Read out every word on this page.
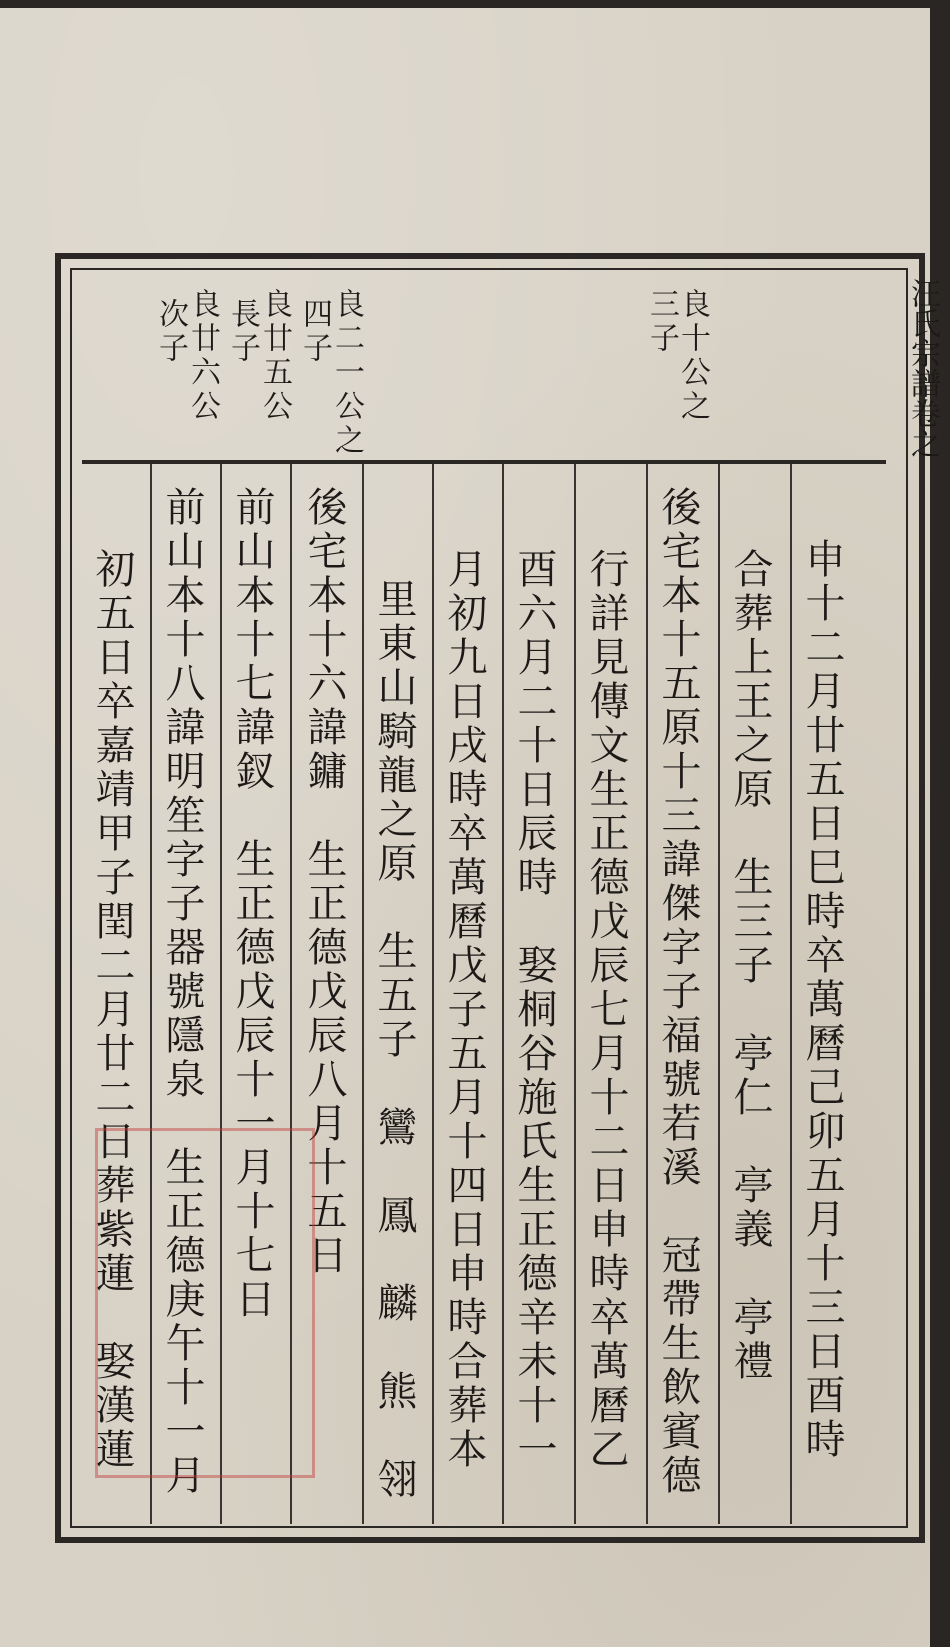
汪氏宗譜卷之
良十公之
三子
良二一公之
四子
良廿五公
長子
良廿六公
次子
申十二月廿五日巳時卒萬曆己卯五月十三日酉時
合葬上王之原　生三子　亭仁　亭義　亭禮
後宅本十五原十三諱傑字子福號若溪　冠帶生飲賓德
行詳見傳文生正德戊辰七月十二日申時卒萬曆乙
酉六月二十日辰時　娶桐谷施氏生正德辛未十一
月初九日戌時卒萬曆戊子五月十四日申時合葬本
里東山騎龍之原　生五子　鸞　鳳　麟　熊　翎
後宅本十六諱鏞　生正德戊辰八月十五日
前山本十七諱釵　生正德戊辰十一月十七日
前山本十八諱明笙字子器號隱泉　生正德庚午十一月
初五日卒嘉靖甲子閏二月廿二日葬紫蓮　娶漢蓮
